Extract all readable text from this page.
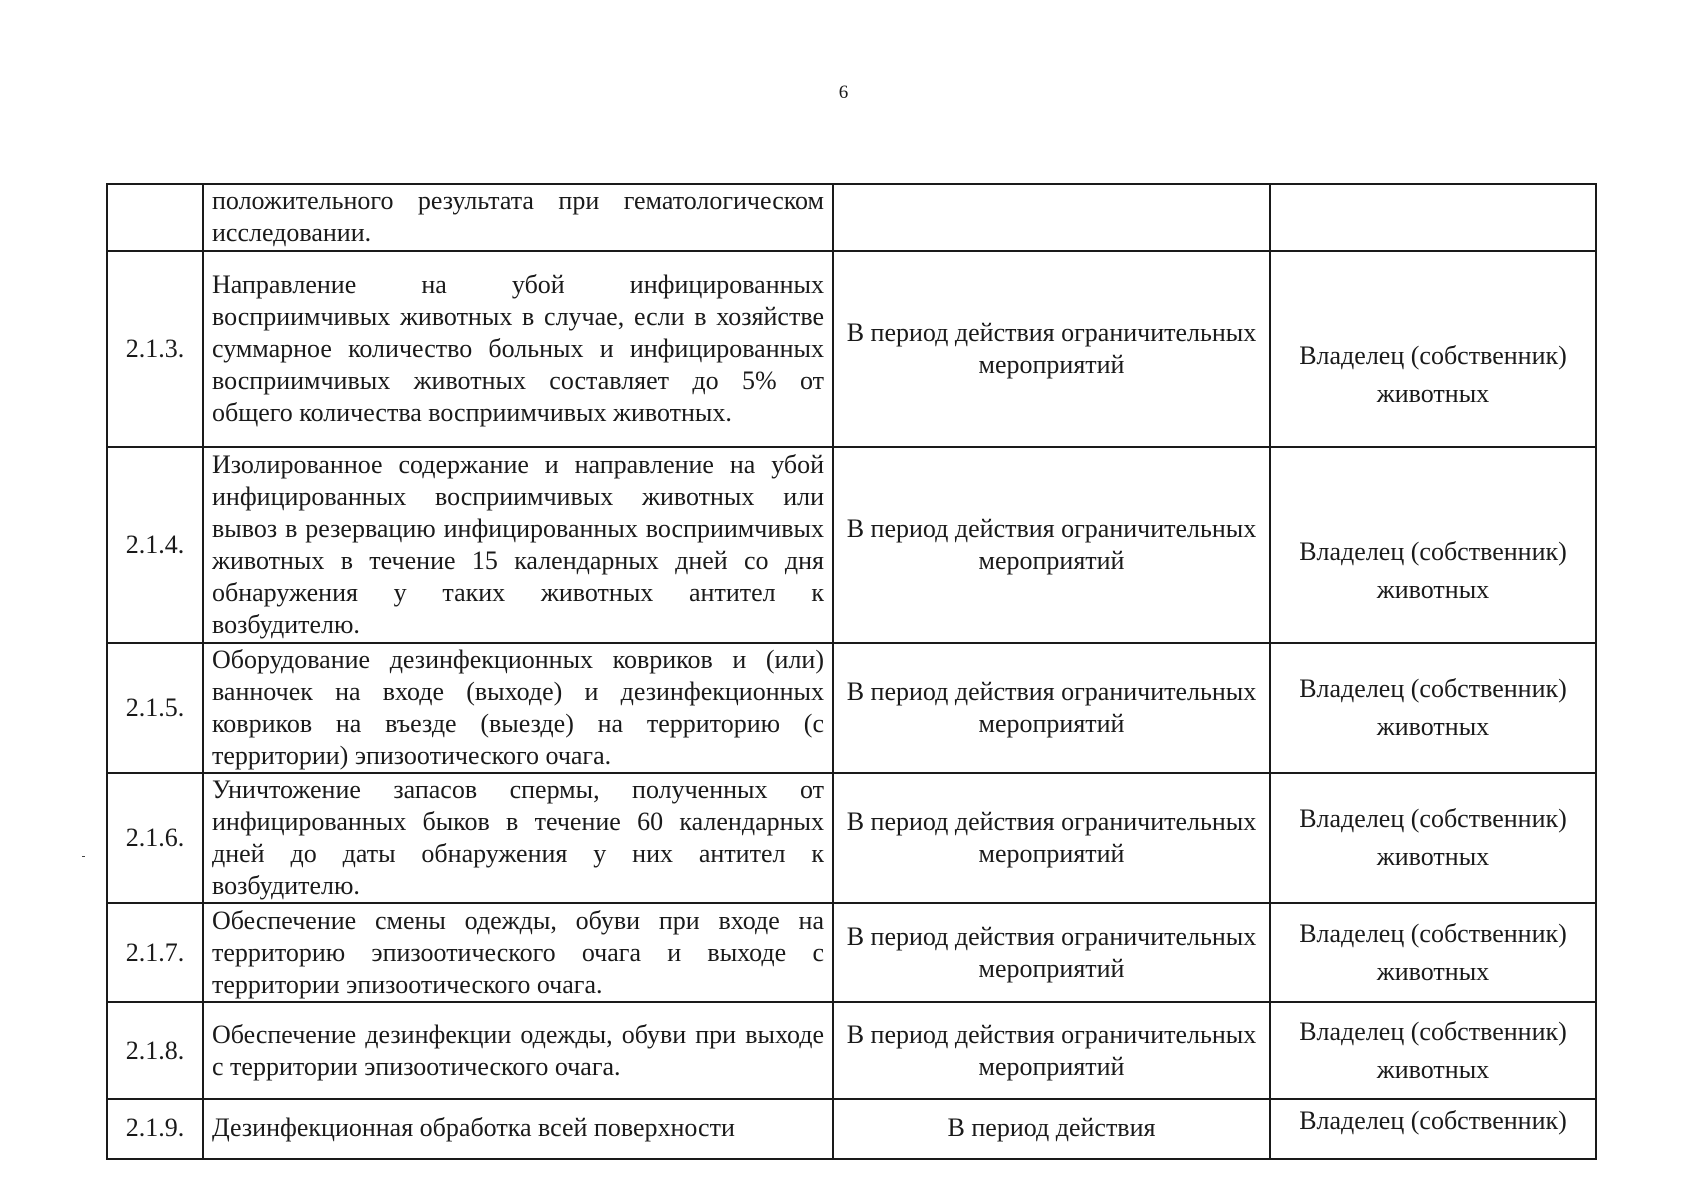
6
	положительного результата при гематологическом исследовании.		
2.1.3.	Направление на убой инфицированных восприимчивых животных в случае, если в хозяйстве суммарное количество больных и инфицированных восприимчивых животных составляет до 5% от общего количества восприимчивых животных.	В период действия ограничительных мероприятий	Владелец (собственник) животных
2.1.4.	Изолированное содержание и направление на убой инфицированных восприимчивых животных или вывоз в резервацию инфицированных восприимчивых животных в течение 15 календарных дней со дня обнаружения у таких животных антител к возбудителю.	В период действия ограничительных мероприятий	Владелец (собственник) животных
2.1.5.	Оборудование дезинфекционных ковриков и (или) ванночек на входе (выходе) и дезинфекционных ковриков на въезде (выезде) на территорию (с территории) эпизоотического очага.	В период действия ограничительных мероприятий	Владелец (собственник) животных
2.1.6.	Уничтожение запасов спермы, полученных от инфицированных быков в течение 60 календарных дней до даты обнаружения у них антител к возбудителю.	В период действия ограничительных мероприятий	Владелец (собственник) животных
2.1.7.	Обеспечение смены одежды, обуви при входе на территорию эпизоотического очага и выходе с территории эпизоотического очага.	В период действия ограничительных мероприятий	Владелец (собственник) животных
2.1.8.	Обеспечение дезинфекции одежды, обуви при выходе с территории эпизоотического очага.	В период действия ограничительных мероприятий	Владелец (собственник) животных
2.1.9.	Дезинфекционная обработка всей поверхности	В период действия	Владелец (собственник)
